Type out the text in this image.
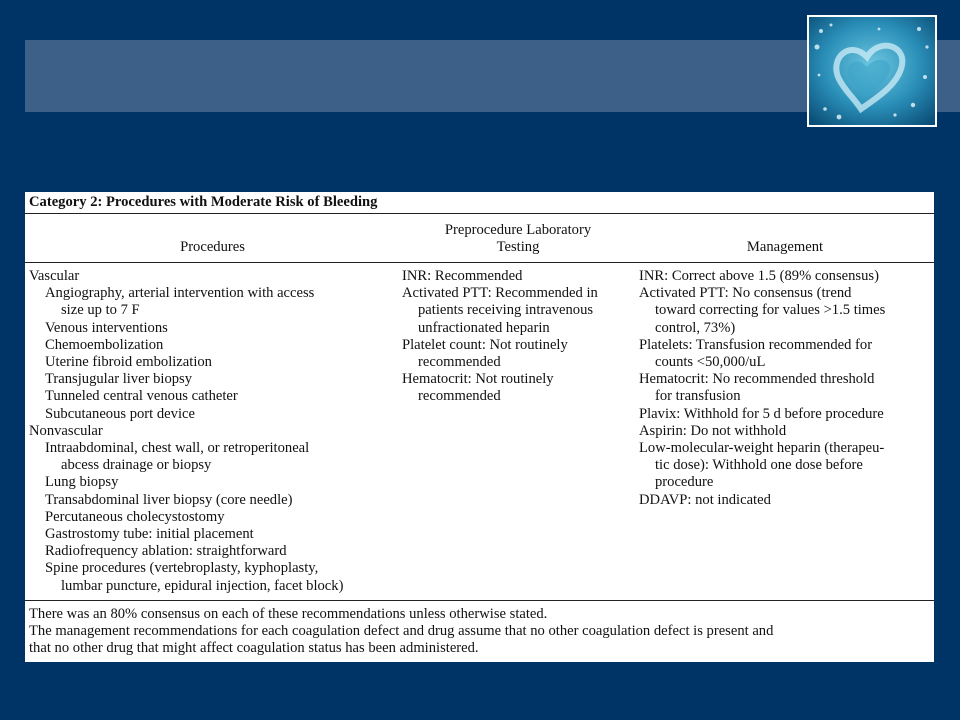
Category 2: Procedures with Moderate Risk of Bleeding
Procedures
Preprocedure Laboratory
Testing	Management
Vascular
Angiography, arterial intervention with access
size up to 7 F
Venous interventions
Chemoembolization
Uterine fibroid embolization
Transjugular liver biopsy
Tunneled central venous catheter
Subcutaneous port device
Nonvascular
Intraabdominal, chest wall, or retroperitoneal
abcess drainage or biopsy
Lung biopsy
Transabdominal liver biopsy (core needle)
Percutaneous cholecystostomy
Gastrostomy tube: initial placement
Radiofrequency ablation: straightforward
Spine procedures (vertebroplasty, kyphoplasty,
lumbar puncture, epidural injection, facet block)
INR: Recommended
Activated PTT: Recommended in
patients receiving intravenous
unfractionated heparin
Platelet count: Not routinely
recommended
Hematocrit: Not routinely
recommended
INR: Correct above 1.5 (89% consensus)
Activated PTT: No consensus (trend
toward correcting for values >1.5 times
control, 73%)
Platelets: Transfusion recommended for
counts <50,000/uL
Hematocrit: No recommended threshold
for transfusion
Plavix: Withhold for 5 d before procedure
Aspirin: Do not withhold
Low-molecular-weight heparin (therapeu-
tic dose): Withhold one dose before
procedure
DDAVP: not indicated
There was an 80% consensus on each of these recommendations unless otherwise stated.
The management recommendations for each coagulation defect and drug assume that no other coagulation defect is present and
that no other drug that might affect coagulation status has been administered.
